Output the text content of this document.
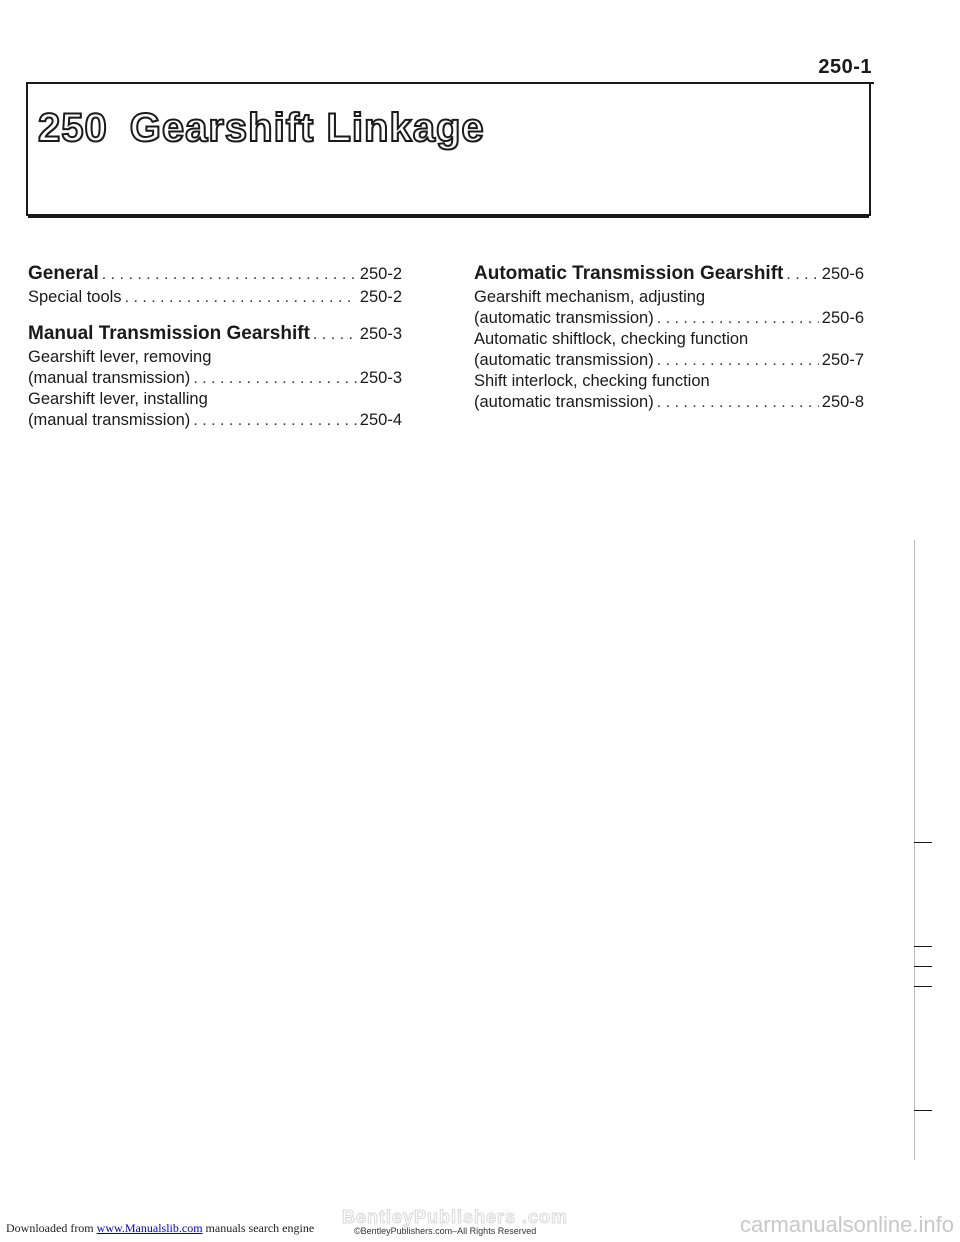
250-1
250 Gearshift Linkage
General . . .	250-2
Special tools . . .	250-2
Manual Transmission Gearshift . . .	250-3
Gearshift lever, removing
(manual transmission) . . .	250-3
Gearshift lever, installing
(manual transmission) . . .	250-4
Automatic Transmission Gearshift . . . 250-6
Gearshift mechanism, adjusting
(automatic transmission) . . .	250-6
Automatic shiftlock, checking function
(automatic transmission) . . .	250-7
Shift interlock, checking function
(automatic transmission) . . .	250-8
BentleyPublishers .com
Downloaded from www.Manualslib.com manuals search engine	©BentleyPublishers.com–All Rights Reserved	carmanualsonline.info
